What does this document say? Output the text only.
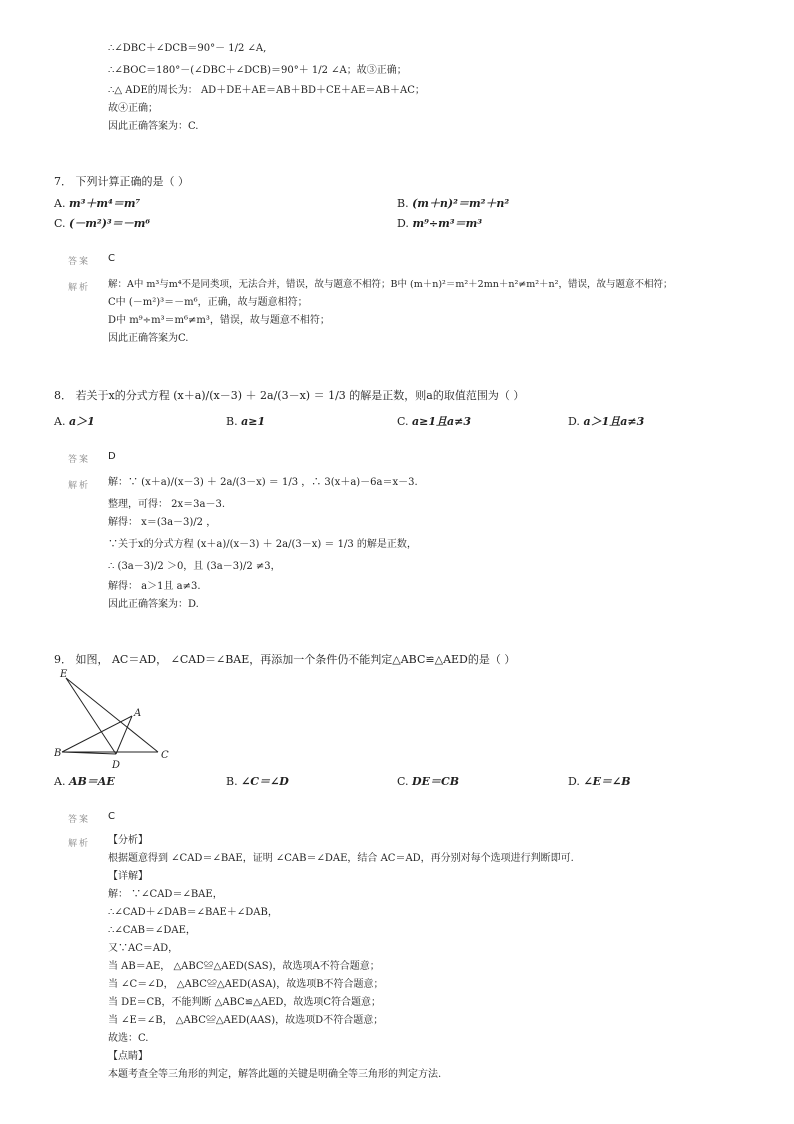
∴∠DBC＋∠DCB＝90°－ 1/2 ∠A,
∴∠BOC＝180°－(∠DBC＋∠DCB)＝90°＋ 1/2 ∠A；故③正确；
∴△ ADE的周长为： AD＋DE＋AE＝AB＋BD＋CE＋AE＝AB＋AC；
故④正确；
因此正确答案为：C.
7． 下列计算正确的是（ ）
A. m³＋m⁴＝m⁷	B. (m＋n)²＝m²＋n²
C. (－m²)³＝－m⁶	D. m⁹÷m³＝m³
答案 C
解析 解：A中 m³与m⁴不是同类项，无法合并，错误，故与题意不相符；B中 (m＋n)²＝m²＋2mn＋n²≠m²＋n²，错误，故与题意不相符；
C中 (－m²)³＝－m⁶，正确，故与题意相符；
D中 m⁹÷m³＝m⁶≠m³，错误，故与题意不相符；
因此正确答案为C.
8． 若关于x的分式方程 (x＋a)/(x－3) ＋ 2a/(3－x) ＝ 1/3 的解是正数，则a的取值范围为（ ）
A. a＞1	B. a≥1	C. a≥1且a≠3	D. a＞1且a≠3
答案 D
解析 解：∵ (x＋a)/(x－3) ＋ 2a/(3－x) ＝ 1/3 ，∴ 3(x＋a)－6a＝x－3.
整理，可得： 2x＝3a－3.
解得： x＝(3a－3)/2 ，
∵关于x的分式方程 (x＋a)/(x－3) ＋ 2a/(3－x) ＝ 1/3 的解是正数，
∴ (3a－3)/2 ＞0，且 (3a－3)/2 ≠3，
解得： a＞1且 a≠3.
因此正确答案为：D.
9． 如图， AC＝AD， ∠CAD＝∠BAE，再添加一个条件仍不能判定△ABC≌△AED的是（ ）
E
A
B
D
C
A. AB＝AE	B. ∠C＝∠D	C. DE＝CB	D. ∠E＝∠B
答案 C
解析 【分析】
根据题意得到 ∠CAD＝∠BAE，证明 ∠CAB＝∠DAE，结合 AC＝AD，再分别对每个选项进行判断即可.
【详解】
解： ∵∠CAD＝∠BAE，
∴∠CAD＋∠DAB＝∠BAE＋∠DAB，
∴∠CAB＝∠DAE，
又∵AC＝AD，
当 AB＝AE， △ABC≌△AED(SAS)，故选项A不符合题意；
当 ∠C＝∠D， △ABC≌△AED(ASA)，故选项B不符合题意；
当 DE＝CB，不能判断 △ABC≌△AED，故选项C符合题意；
当 ∠E＝∠B， △ABC≌△AED(AAS)，故选项D不符合题意；
故选：C.
【点睛】
本题考查全等三角形的判定，解答此题的关键是明确全等三角形的判定方法.
